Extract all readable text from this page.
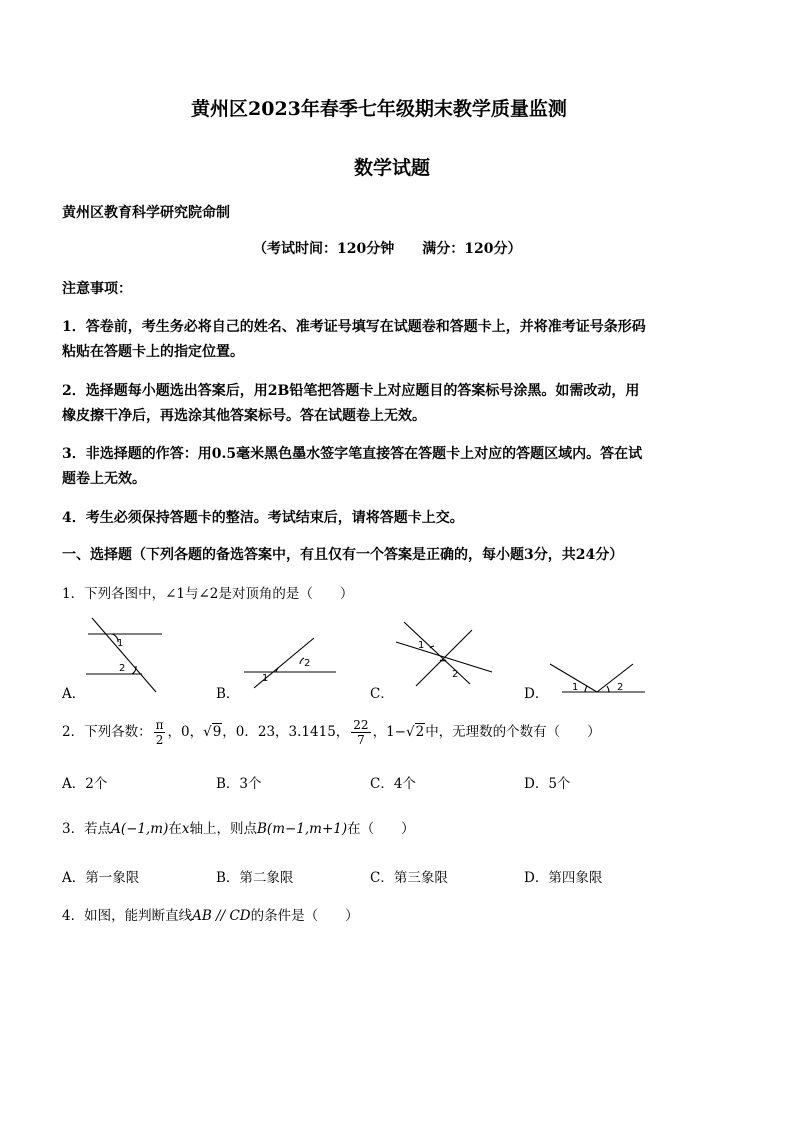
黄州区2023年春季七年级期末教学质量监测
数学试题
黄州区教育科学研究院命制
（考试时间：120分钟　　满分：120分）
注意事项：
1．答卷前，考生务必将自己的姓名、准考证号填写在试题卷和答题卡上，并将准考证号条形码
粘贴在答题卡上的指定位置。
2．选择题每小题选出答案后，用2B铅笔把答题卡上对应题目的答案标号涂黑。如需改动，用
橡皮擦干净后，再选涂其他答案标号。答在试题卷上无效。
3．非选择题的作答：用0.5毫米黑色墨水签字笔直接答在答题卡上对应的答题区域内。答在试
题卷上无效。
4．考生必须保持答题卡的整洁。考试结束后，请将答题卡上交。
一、选择题（下列各题的备选答案中，有且仅有一个答案是正确的，每小题3分，共24分）
1．下列各图中，∠1与∠2是对顶角的是（　　）
1
2
1
2
1
2
1	2
A．	B．	C．	D．
2．下列各数： $\frac{\pi}{2}$ ，0，√9，0．23，3.1415， $\frac{22}{7}$ ，1−√2中，无理数的个数有（　　）
A．2个	B．3个	C．4个	D．5个
3．若点A(−1,m)在x轴上，则点B(m−1,m+1)在（　　）
A．第一象限	B．第二象限	C．第三象限	D．第四象限
4．如图，能判断直线AB // CD的条件是（　　）
